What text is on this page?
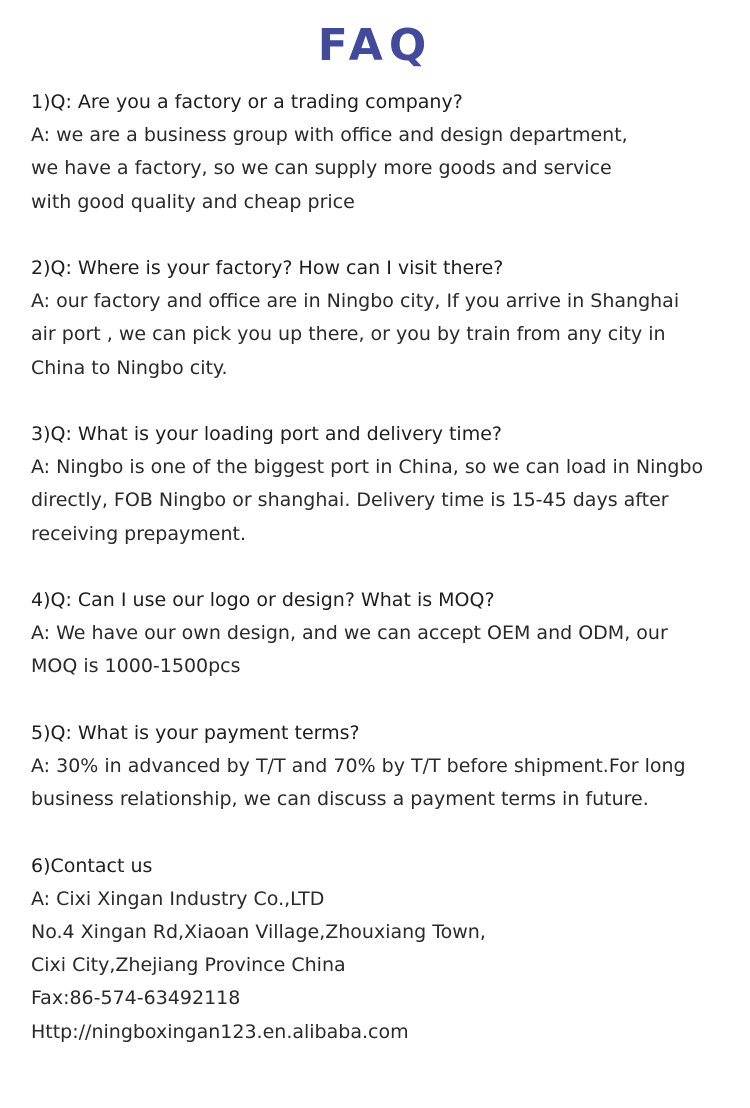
FAQ
1)Q: Are you a factory or a trading company?
A: we are a business group with office and design department,
we have a factory, so we can supply more goods and service
with good quality and cheap price
2)Q: Where is your factory? How can I visit there?
A: our factory and office are in Ningbo city, If you arrive in Shanghai
air port , we can pick you up there, or you by train from any city in
China to Ningbo city.
3)Q: What is your loading port and delivery time?
A: Ningbo is one of the biggest port in China, so we can load in Ningbo
directly, FOB Ningbo or shanghai. Delivery time is 15-45 days after
receiving prepayment.
4)Q: Can I use our logo or design? What is MOQ?
A: We have our own design, and we can accept OEM and ODM, our
MOQ is 1000-1500pcs
5)Q: What is your payment terms?
A: 30% in advanced by T/T and 70% by T/T before shipment.For long
business relationship, we can discuss a payment terms in future.
6)Contact us
A: Cixi Xingan Industry Co.,LTD
No.4 Xingan Rd,Xiaoan Village,Zhouxiang Town,
Cixi City,Zhejiang Province China
Fax:86-574-63492118
Http://ningboxingan123.en.alibaba.com
